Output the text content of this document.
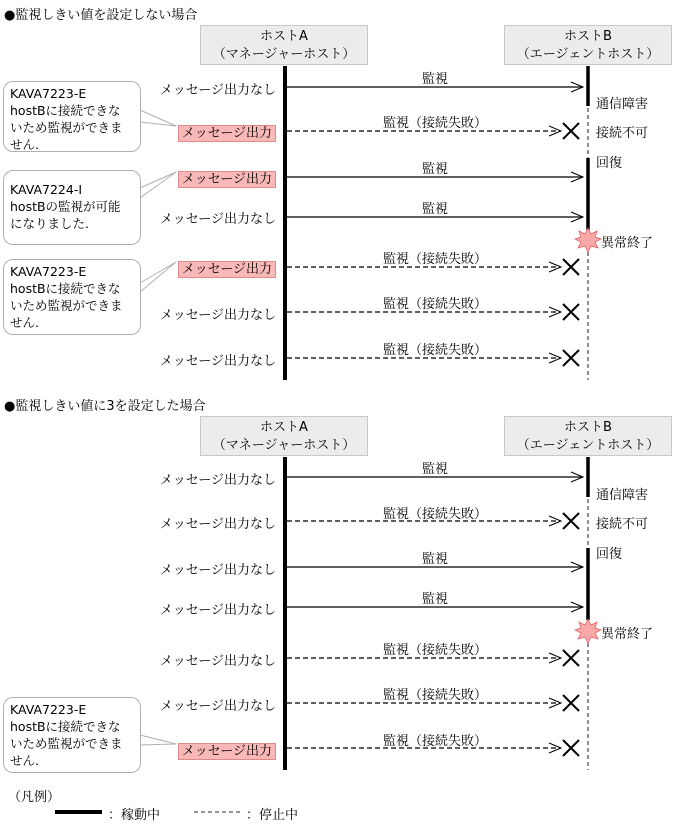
●監視しきい値を設定しない場合
ホストA
（マネージャーホスト）
ホストB
（エージェントホスト）
メッセージ出力なし
メッセージ出力
メッセージ出力
メッセージ出力なし
メッセージ出力
メッセージ出力なし
メッセージ出力なし
監視
監視（接続失敗）
監視
監視
監視（接続失敗）
監視（接続失敗）
監視（接続失敗）
通信障害
接続不可
回復
異常終了
KAVA7223-E
hostBに接続できな
いため監視ができま
せん.
KAVA7224-I
hostBの監視が可能
になりました.
KAVA7223-E
hostBに接続できな
いため監視ができま
せん.
●監視しきい値に3を設定した場合
ホストA
（マネージャーホスト）
ホストB
（エージェントホスト）
メッセージ出力なし
メッセージ出力なし
メッセージ出力なし
メッセージ出力なし
メッセージ出力なし
メッセージ出力なし
メッセージ出力
監視
監視（接続失敗）
監視
監視
監視（接続失敗）
監視（接続失敗）
監視（接続失敗）
通信障害
接続不可
回復
異常終了
KAVA7223-E
hostBに接続できな
いため監視ができま
せん.
（凡例）
：稼動中	：停止中
